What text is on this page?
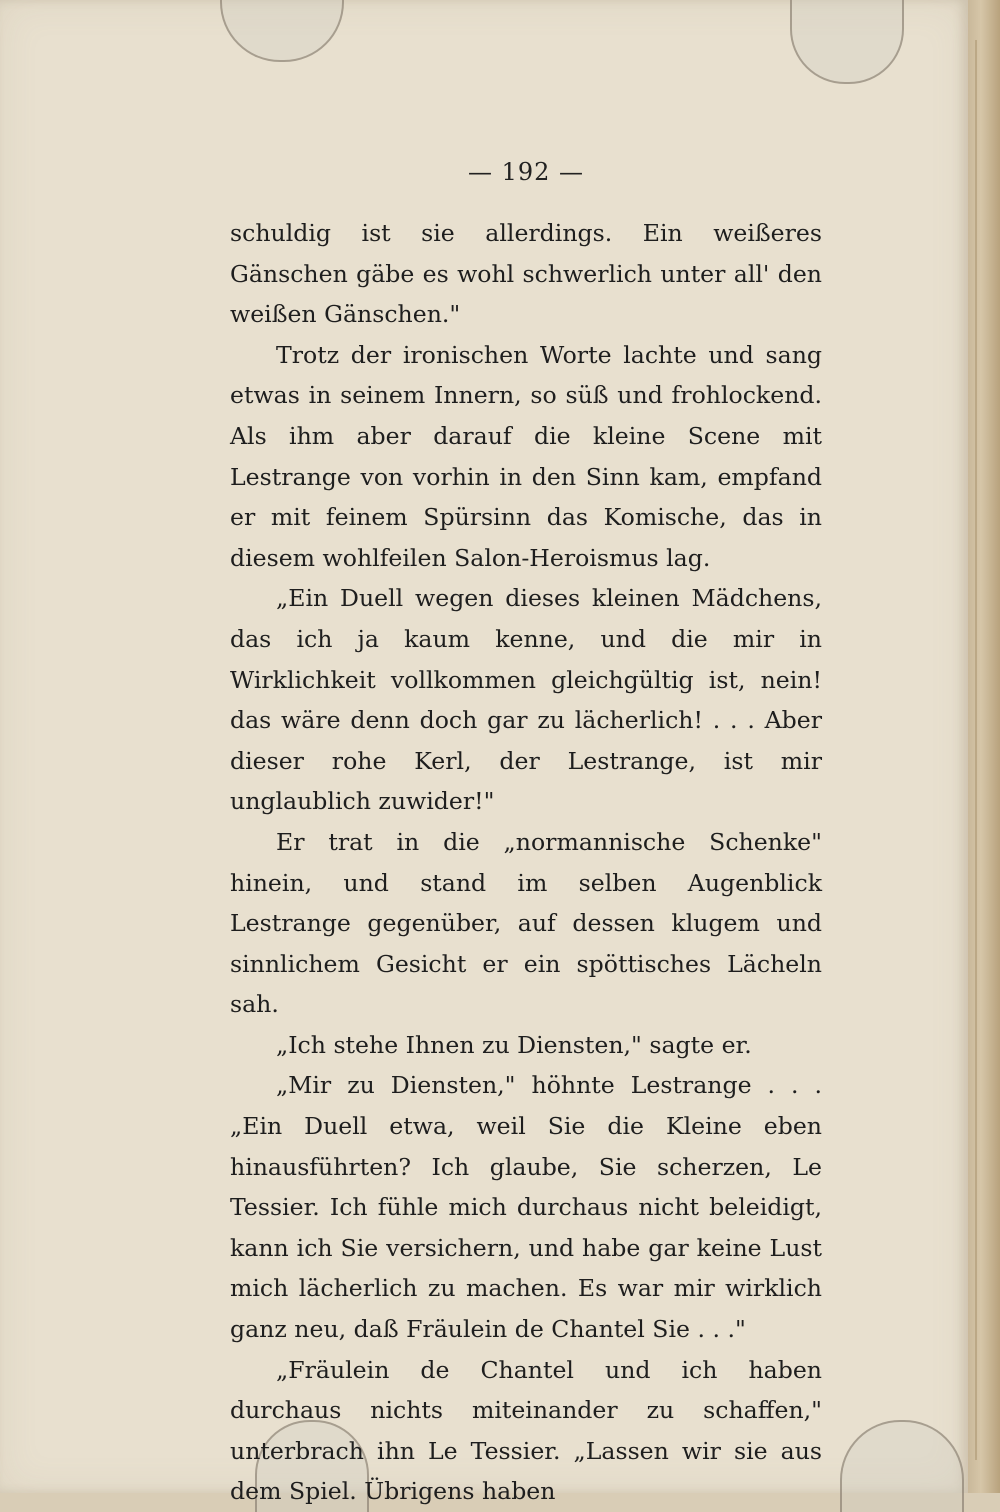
— 192 —

schuldig ist sie allerdings. Ein weißeres Gänschen gäbe es wohl schwerlich unter all' den weißen Gänschen."

Trotz der ironischen Worte lachte und sang etwas in seinem Innern, so süß und frohlockend. Als ihm aber darauf die kleine Scene mit Lestrange von vorhin in den Sinn kam, empfand er mit feinem Spürsinn das Komische, das in diesem wohlfeilen Salon-Heroismus lag.

„Ein Duell wegen dieses kleinen Mädchens, das ich ja kaum kenne, und die mir in Wirklichkeit vollkommen gleichgültig ist, nein! das wäre denn doch gar zu lächerlich! . . . Aber dieser rohe Kerl, der Lestrange, ist mir unglaublich zuwider!"

Er trat in die „normannische Schenke" hinein, und stand im selben Augenblick Lestrange gegenüber, auf dessen klugem und sinnlichem Gesicht er ein spöttisches Lächeln sah.

„Ich stehe Ihnen zu Diensten," sagte er.

„Mir zu Diensten," höhnte Lestrange . . . „Ein Duell etwa, weil Sie die Kleine eben hinausführten? Ich glaube, Sie scherzen, Le Tessier. Ich fühle mich durchaus nicht beleidigt, kann ich Sie versichern, und habe gar keine Lust mich lächerlich zu machen. Es war mir wirklich ganz neu, daß Fräulein de Chantel Sie . . ."

„Fräulein de Chantel und ich haben durchaus nichts miteinander zu schaffen," unterbrach ihn Le Tessier. „Lassen wir sie aus dem Spiel. Übrigens haben
